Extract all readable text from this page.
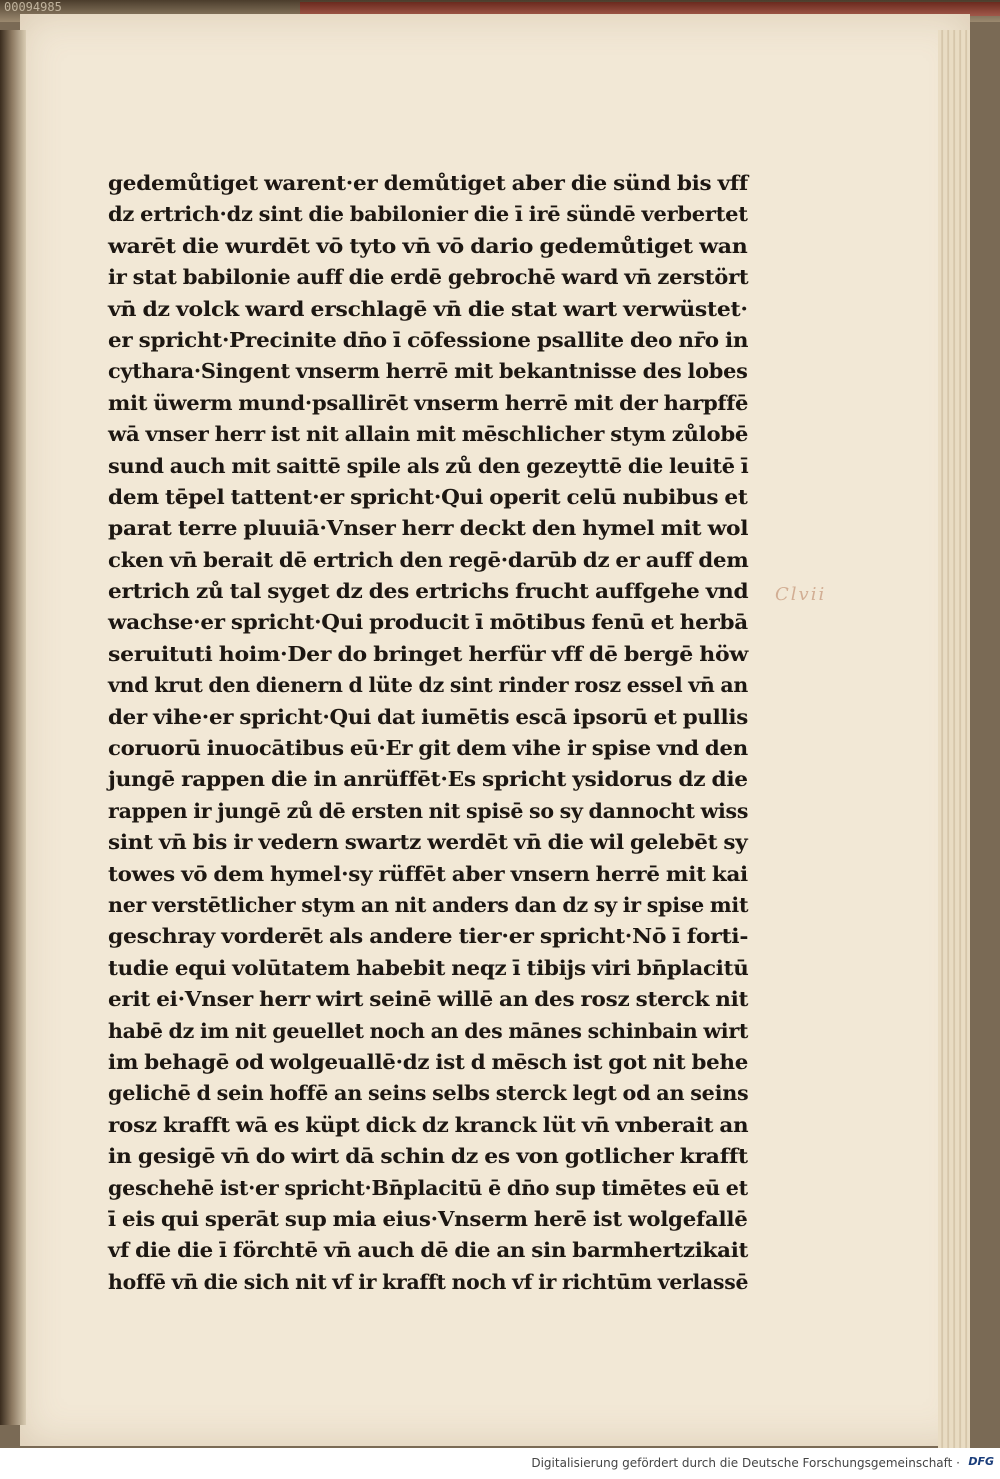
00094985
Clvii
gedemůtiget warent·er demůtiget aber die sünd bis vff
dz ertrich·dz sint die babilonier die ī irē sündē verbertet
warēt die wurdēt vō tyto vn̄ vō dario gedemůtiget wan
ir stat babilonie auff die erdē gebrochē ward vn̄ zerstört
vn̄ dz volck ward erschlagē vn̄ die stat wart verwüstet·
er spricht·Precinite dn̄o ī cōfessione psallite deo nr̄o in
cythara·Singent vnserm herrē mit bekantnisse des lobes
mit üwerm mund·psallirēt vnserm herrē mit der harpffē
wā vnser herr ist nit allain mit mēschlicher stym zůlobē
sund auch mit saittē spile als zů den gezeyttē die leuitē ī
dem tēpel tattent·er spricht·Qui operit celū nubibus et
parat terre pluuiā·Vnser herr deckt den hymel mit wol
cken vn̄ berait dē ertrich den regē·darūb dz er auff dem
ertrich zů tal syget dz des ertrichs frucht auffgehe vnd
wachse·er spricht·Qui producit ī mōtibus fenū et herbā
seruituti hoim·Der do bringet herfür vff dē bergē höw
vnd krut den dienern d lüte dz sint rinder rosz essel vn̄ an
der vihe·er spricht·Qui dat iumētis escā ipsorū et pullis
coruorū inuocātibus eū·Er git dem vihe ir spise vnd den
jungē rappen die in anrüffēt·Es spricht ysidorus dz die
rappen ir jungē zů dē ersten nit spisē so sy dannocht wiss
sint vn̄ bis ir vedern swartz werdēt vn̄ die wil gelebēt sy
towes vō dem hymel·sy rüffēt aber vnsern herrē mit kai
ner verstētlicher stym an nit anders dan dz sy ir spise mit
geschray vorderēt als andere tier·er spricht·Nō ī forti-
tudie equi volūtatem habebit neqz ī tibijs viri bn̄placitū
erit ei·Vnser herr wirt seinē willē an des rosz sterck nit
habē dz im nit geuellet noch an des mānes schinbain wirt
im behagē od wolgeuallē·dz ist d mēsch ist got nit behe
gelichē d sein hoffē an seins selbs sterck legt od an seins
rosz krafft wā es küpt dick dz kranck lüt vn̄ vnberait an
in gesigē vn̄ do wirt dā schin dz es von gotlicher krafft
geschehē ist·er spricht·Bn̄placitū ē dn̄o sup timētes eū et
ī eis qui sperāt sup mia eius·Vnserm herē ist wolgefallē
vf die die ī förchtē vn̄ auch dē die an sin barmhertzikait
hoffē vn̄ die sich nit vf ir krafft noch vf ir richtūm verlassē
Digitalisierung gefördert durch die Deutsche Forschungsgemeinschaft · DFG
